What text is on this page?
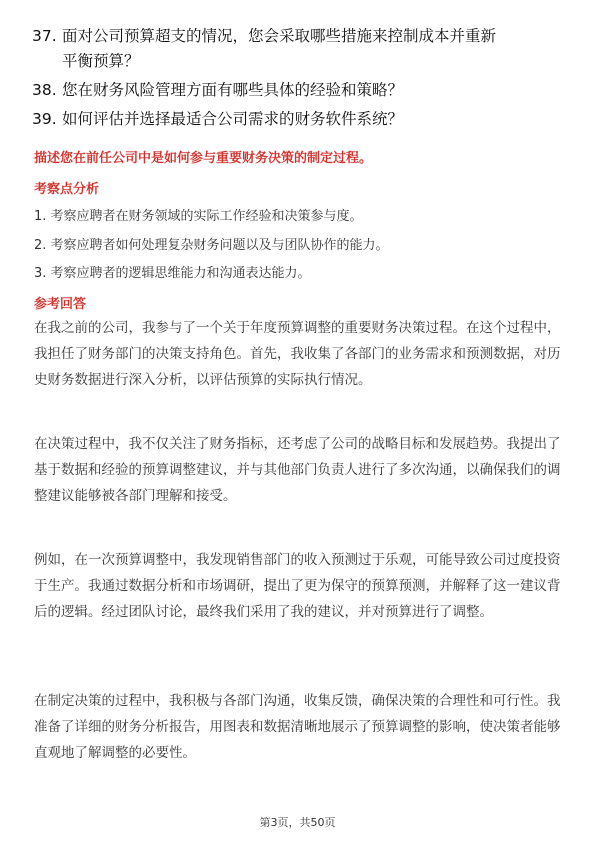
37. 面对公司预算超支的情况，您会采取哪些措施来控制成本并重新
平衡预算？
38. 您在财务风险管理方面有哪些具体的经验和策略？
39. 如何评估并选择最适合公司需求的财务软件系统？
描述您在前任公司中是如何参与重要财务决策的制定过程。
考察点分析
1. 考察应聘者在财务领域的实际工作经验和决策参与度。
2. 考察应聘者如何处理复杂财务问题以及与团队协作的能力。
3. 考察应聘者的逻辑思维能力和沟通表达能力。
参考回答

在我之前的公司，我参与了一个关于年度预算调整的重要财务决策过程。在这个过程中，我担任了财务部门的决策支持角色。首先，我收集了各部门的业务需求和预测数据，对历史财务数据进行深入分析，以评估预算的实际执行情况。

在决策过程中，我不仅关注了财务指标，还考虑了公司的战略目标和发展趋势。我提出了基于数据和经验的预算调整建议，并与其他部门负责人进行了多次沟通，以确保我们的调整建议能够被各部门理解和接受。

例如，在一次预算调整中，我发现销售部门的收入预测过于乐观，可能导致公司过度投资于生产。我通过数据分析和市场调研，提出了更为保守的预算预测，并解释了这一建议背后的逻辑。经过团队讨论，最终我们采用了我的建议，并对预算进行了调整。

在制定决策的过程中，我积极与各部门沟通，收集反馈，确保决策的合理性和可行性。我准备了详细的财务分析报告，用图表和数据清晰地展示了预算调整的影响，使决策者能够直观地了解调整的必要性。

第3页，共50页
